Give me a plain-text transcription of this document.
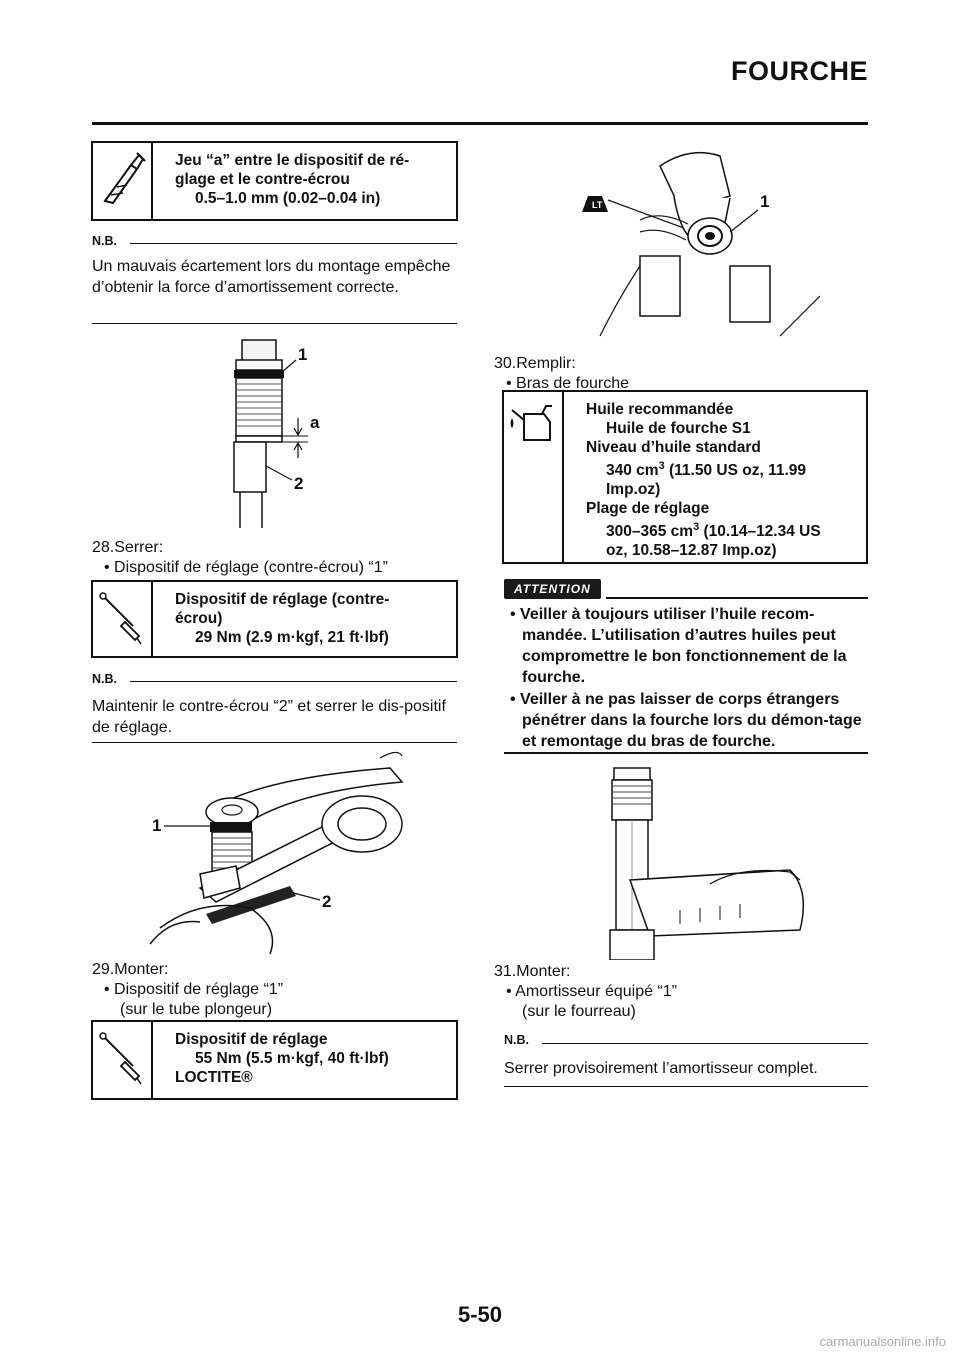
FOURCHE
Jeu “a” entre le dispositif de ré-
glage et le contre-écrou
0.5–1.0 mm (0.02–0.04 in)
N.B.
Un mauvais écartement lors du montage empêche d’obtenir la force d’amortissement correcte.
1
a
2
28.Serrer:
• Dispositif de réglage (contre-écrou) “1”
Dispositif de réglage (contre-
écrou)
29 Nm (2.9 m·kgf, 21 ft·lbf)
N.B.
Maintenir le contre-écrou “2” et serrer le dis-positif de réglage.
1
2
29.Monter:
• Dispositif de réglage “1”
(sur le tube plongeur)
Dispositif de réglage
55 Nm (5.5 m·kgf, 40 ft·lbf)
LOCTITE®
LT	1
30.Remplir:
• Bras de fourche
Huile recommandée
Huile de fourche S1
Niveau d’huile standard
340 $cm^3$ (11.50 US oz, 11.99
Imp.oz)
Plage de réglage
300–365 $cm^3$ (10.14–12.34 US
oz, 10.58–12.87 Imp.oz)
ATTENTION
• Veiller à toujours utiliser l’huile recom-mandée. L’utilisation d’autres huiles peut compromettre le bon fonctionnement de la fourche.
• Veiller à ne pas laisser de corps étrangers pénétrer dans la fourche lors du démon-tage et remontage du bras de fourche.
31.Monter:
• Amortisseur équipé “1”
(sur le fourreau)
N.B.
Serrer provisoirement l’amortisseur complet.
5-50
carmanualsonline.info
